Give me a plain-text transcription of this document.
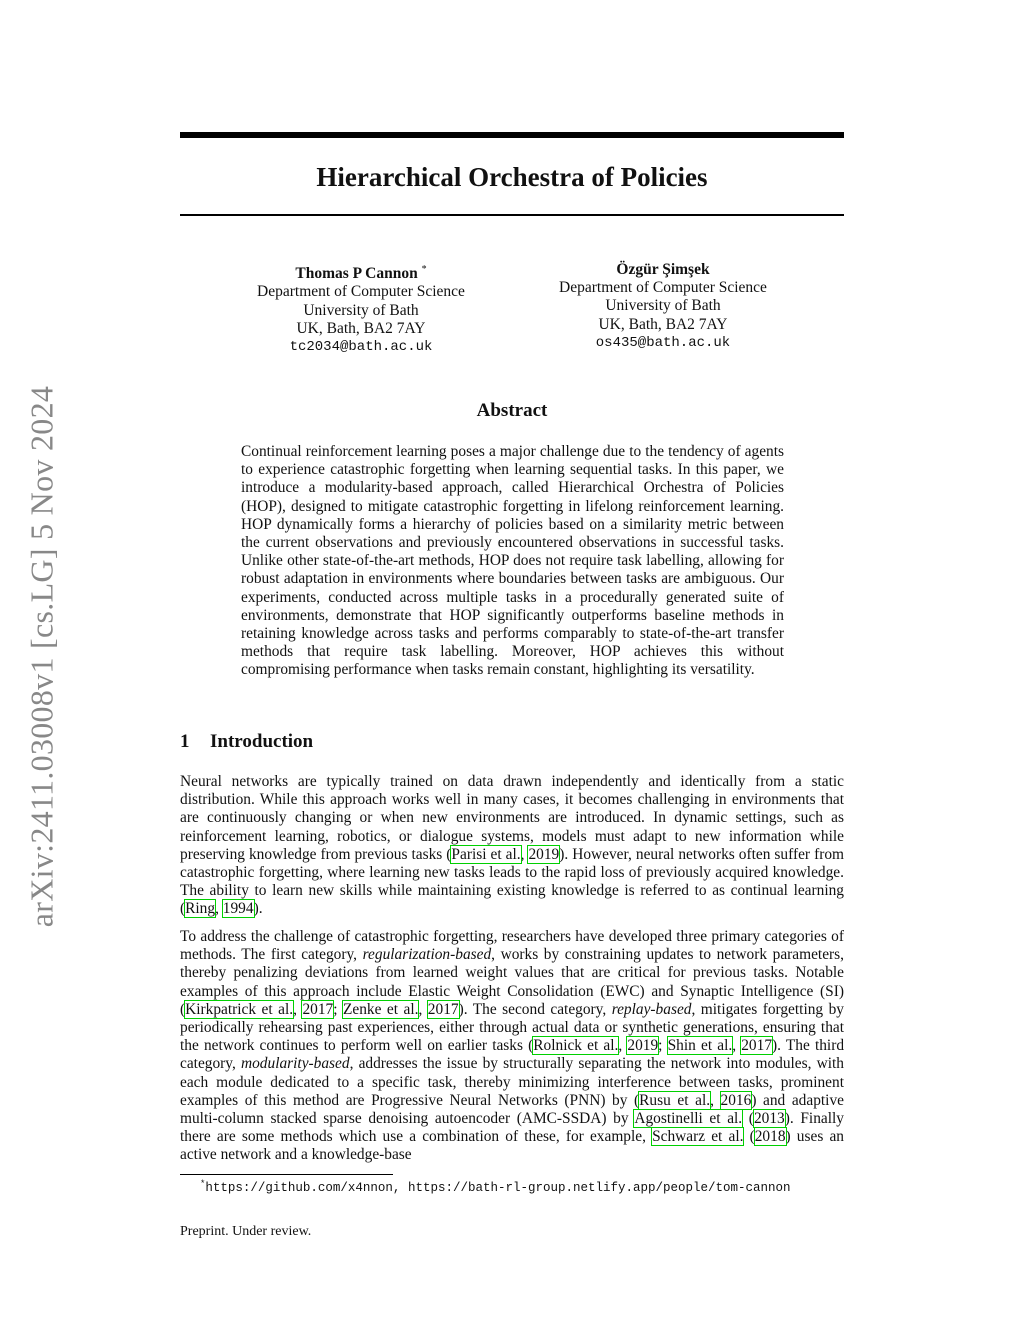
arXiv:2411.03008v1 [cs.LG] 5 Nov 2024
Hierarchical Orchestra of Policies
Thomas P Cannon *
Department of Computer Science
University of Bath
UK, Bath, BA2 7AY
tc2034@bath.ac.uk
Özgür Şimşek
Department of Computer Science
University of Bath
UK, Bath, BA2 7AY
os435@bath.ac.uk
Abstract
Continual reinforcement learning poses a major challenge due to the tendency of agents to experience catastrophic forgetting when learning sequential tasks. In this paper, we introduce a modularity-based approach, called Hierarchical Orchestra of Policies (HOP), designed to mitigate catastrophic forgetting in lifelong reinforcement learning. HOP dynamically forms a hierarchy of policies based on a similarity metric between the current observations and previously encountered observations in successful tasks. Unlike other state-of-the-art methods, HOP does not require task labelling, allowing for robust adaptation in environments where boundaries between tasks are ambiguous. Our experiments, conducted across multiple tasks in a procedurally generated suite of environments, demonstrate that HOP significantly outperforms baseline methods in retaining knowledge across tasks and performs comparably to state-of-the-art transfer methods that require task labelling. Moreover, HOP achieves this without compromising performance when tasks remain constant, highlighting its versatility.
1 Introduction
Neural networks are typically trained on data drawn independently and identically from a static distribution. While this approach works well in many cases, it becomes challenging in environments that are continuously changing or when new environments are introduced. In dynamic settings, such as reinforcement learning, robotics, or dialogue systems, models must adapt to new information while preserving knowledge from previous tasks (Parisi et al., 2019). However, neural networks often suffer from catastrophic forgetting, where learning new tasks leads to the rapid loss of previously acquired knowledge. The ability to learn new skills while maintaining existing knowledge is referred to as continual learning (Ring, 1994).
To address the challenge of catastrophic forgetting, researchers have developed three primary categories of methods. The first category, regularization-based, works by constraining updates to network parameters, thereby penalizing deviations from learned weight values that are critical for previous tasks. Notable examples of this approach include Elastic Weight Consolidation (EWC) and Synaptic Intelligence (SI) (Kirkpatrick et al., 2017; Zenke et al., 2017). The second category, replay-based, mitigates forgetting by periodically rehearsing past experiences, either through actual data or synthetic generations, ensuring that the network continues to perform well on earlier tasks (Rolnick et al., 2019; Shin et al., 2017). The third category, modularity-based, addresses the issue by structurally separating the network into modules, with each module dedicated to a specific task, thereby minimizing interference between tasks, prominent examples of this method are Progressive Neural Networks (PNN) by (Rusu et al., 2016) and adaptive multi-column stacked sparse denoising autoencoder (AMC-SSDA) by Agostinelli et al. (2013). Finally there are some methods which use a combination of these, for example, Schwarz et al. (2018) uses an active network and a knowledge-base
*https://github.com/x4nnon, https://bath-rl-group.netlify.app/people/tom-cannon
Preprint. Under review.
